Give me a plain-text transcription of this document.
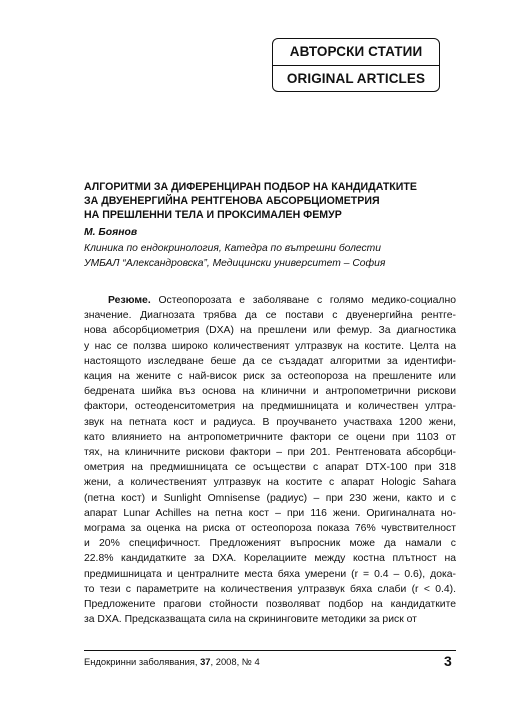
АВТОРСКИ СТАТИИ
ORIGINAL ARTICLES
АЛГОРИТМИ ЗА ДИФЕРЕНЦИРАН ПОДБОР НА КАНДИДАТКИТЕ
ЗА ДВУЕНЕРГИЙНА РЕНТГЕНОВА АБСОРБЦИОМЕТРИЯ
НА ПРЕШЛЕННИ ТЕЛА И ПРОКСИМАЛЕН ФЕМУР
М. Боянов
Клиника по ендокринология, Катедра по вътрешни болести
УМБАЛ “Александровска”, Медицински университет – София
Резюме. Остеопорозата е заболяване с голямо медико-социално
значение. Диагнозата трябва да се постави с двуенергийна рентге-
нова абсорбциометрия (DXA) на прешлени или фемур. За диагностика
у нас се ползва широко количественият ултразвук на костите. Целта на
настоящото изследване беше да се създадат алгоритми за идентифи-
кация на жените с най-висок риск за остеопороза на прешлените или
бедрената шийка въз основа на клинични и антропометрични рискови
фактори, остеоденситометрия на предмишницата и количествен ултра-
звук на петната кост и радиуса. В проучването участваха 1200 жени,
като влиянието на антропометричните фактори се оцени при 1103 от
тях, на клиничните рискови фактори – при 201. Рентгеновата абсорбци-
ометрия на предмишницата се осъществи с апарат DTX-100 при 318
жени, а количественият ултразвук на костите с апарат Hologic Sahara
(петна кост) и Sunlight Omnisense (радиус) – при 230 жени, както и с
апарат Lunar Achilles на петна кост – при 116 жени. Оригиналната но-
мограма за оценка на риска от остеопороза показа 76% чувствителност
и 20% специфичност. Предложеният въпросник може да намали с
22.8% кандидатките за DXA. Корелациите между костна плътност на
предмишницата и централните места бяха умерени (r = 0.4 – 0.6), дока-
то тези с параметрите на количествения ултразвук бяха слаби (r < 0.4).
Предложените прагови стойности позволяват подбор на кандидатките
за DXA. Предсказващата сила на скрининговите методики за риск от
Ендокринни заболявания, 37, 2008, № 4	3
